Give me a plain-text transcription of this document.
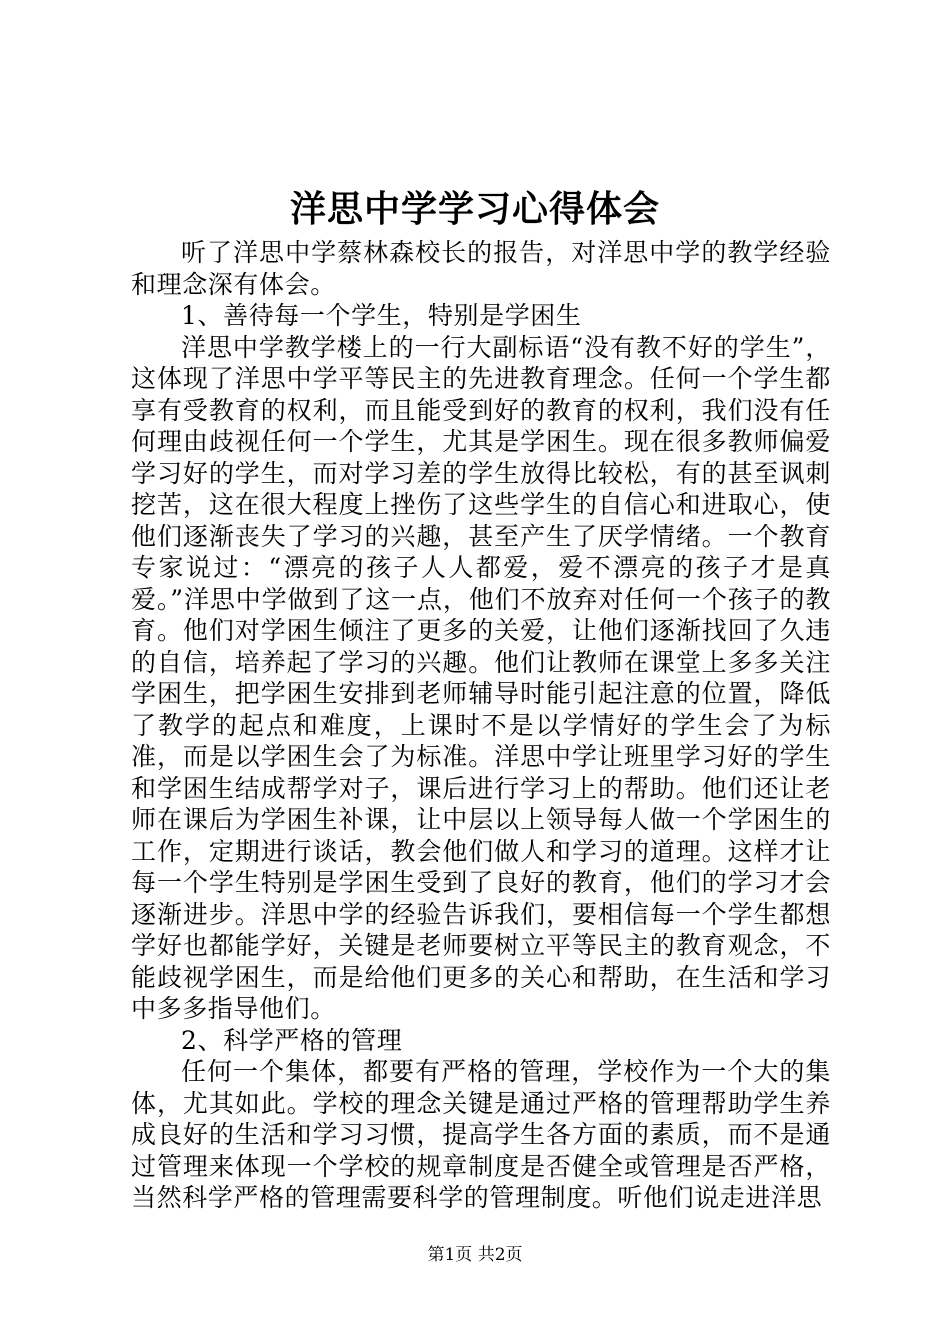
洋思中学学习心得体会

听了洋思中学蔡林森校长的报告，对洋思中学的教学经验和理念深有体会。

1、善待每一个学生，特别是学困生

洋思中学教学楼上的一行大副标语“没有教不好的学生”，这体现了洋思中学平等民主的先进教育理念。任何一个学生都享有受教育的权利，而且能受到好的教育的权利，我们没有任何理由歧视任何一个学生，尤其是学困生。现在很多教师偏爱学习好的学生，而对学习差的学生放得比较松，有的甚至讽刺挖苦，这在很大程度上挫伤了这些学生的自信心和进取心，使他们逐渐丧失了学习的兴趣，甚至产生了厌学情绪。一个教育专家说过：“漂亮的孩子人人都爱，爱不漂亮的孩子才是真爱。”洋思中学做到了这一点，他们不放弃对任何一个孩子的教育。他们对学困生倾注了更多的关爱，让他们逐渐找回了久违的自信，培养起了学习的兴趣。他们让教师在课堂上多多关注学困生，把学困生安排到老师辅导时能引起注意的位置，降低了教学的起点和难度，上课时不是以学情好的学生会了为标准，而是以学困生会了为标准。洋思中学让班里学习好的学生和学困生结成帮学对子，课后进行学习上的帮助。他们还让老师在课后为学困生补课，让中层以上领导每人做一个学困生的工作，定期进行谈话，教会他们做人和学习的道理。这样才让每一个学生特别是学困生受到了良好的教育，他们的学习才会逐渐进步。洋思中学的经验告诉我们，要相信每一个学生都想学好也都能学好，关键是老师要树立平等民主的教育观念，不能歧视学困生，而是给他们更多的关心和帮助，在生活和学习中多多指导他们。

2、科学严格的管理

任何一个集体，都要有严格的管理，学校作为一个大的集体，尤其如此。学校的理念关键是通过严格的管理帮助学生养成良好的生活和学习习惯，提高学生各方面的素质，而不是通过管理来体现一个学校的规章制度是否健全或管理是否严格，当然科学严格的管理需要科学的管理制度。听他们说走进洋思

第1页 共2页
